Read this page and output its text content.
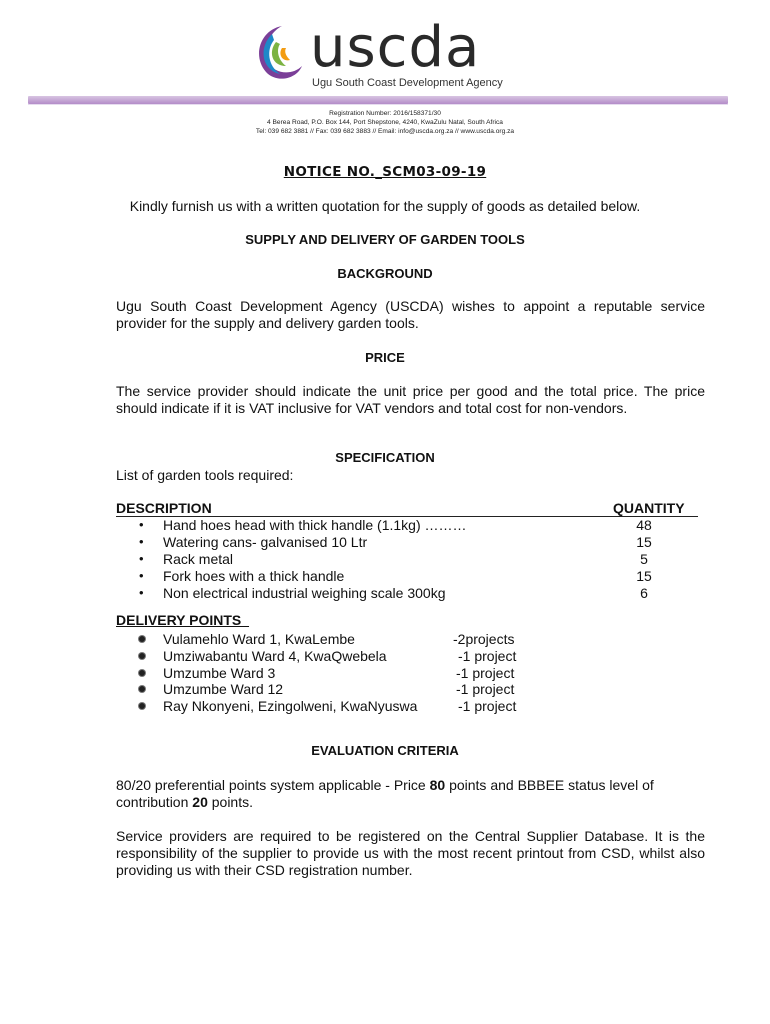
uscda
Ugu South Coast Development Agency
Registration Number: 2016/158371/30
4 Bereа Road, P.O. Box 144, Port Shepstone, 4240, KwaZulu Natal, South Africa
Tel: 039 682 3881 // Fax: 039 682 3883 // Email: info@uscda.org.za // www.uscda.org.za
NOTICE NO._SCM03-09-19
Kindly furnish us with a written quotation for the supply of goods as detailed below.
SUPPLY AND DELIVERY OF GARDEN TOOLS
BACKGROUND
Ugu South Coast Development Agency (USCDA) wishes to appoint a reputable service provider for the supply and delivery garden tools.
PRICE
The service provider should indicate the unit price per good and the total price. The price should indicate if it is VAT inclusive for VAT vendors and total cost for non-vendors.
SPECIFICATION
List of garden tools required:
DESCRIPTION	QUANTITY
• Hand hoes head with thick handle (1.1kg) ………	48
• Watering cans- galvanised 10 Ltr	15
• Rack metal	5
• Fork hoes with a thick handle	15
• Non electrical industrial weighing scale 300kg	6
DELIVERY POINTS
Vulamehlo Ward 1, KwaLembe	-2projects
Umziwabantu Ward 4, KwaQwebela	-1 project
Umzumbe Ward 3	-1 project
Umzumbe Ward 12	-1 project
Ray Nkonyeni, Ezingolweni, KwaNyuswa	-1 project
EVALUATION CRITERIA
80/20 preferential points system applicable - Price 80 points and BBBEE status level of contribution 20 points.
Service providers are required to be registered on the Central Supplier Database. It is the responsibility of the supplier to provide us with the most recent printout from CSD, whilst also providing us with their CSD registration number.
